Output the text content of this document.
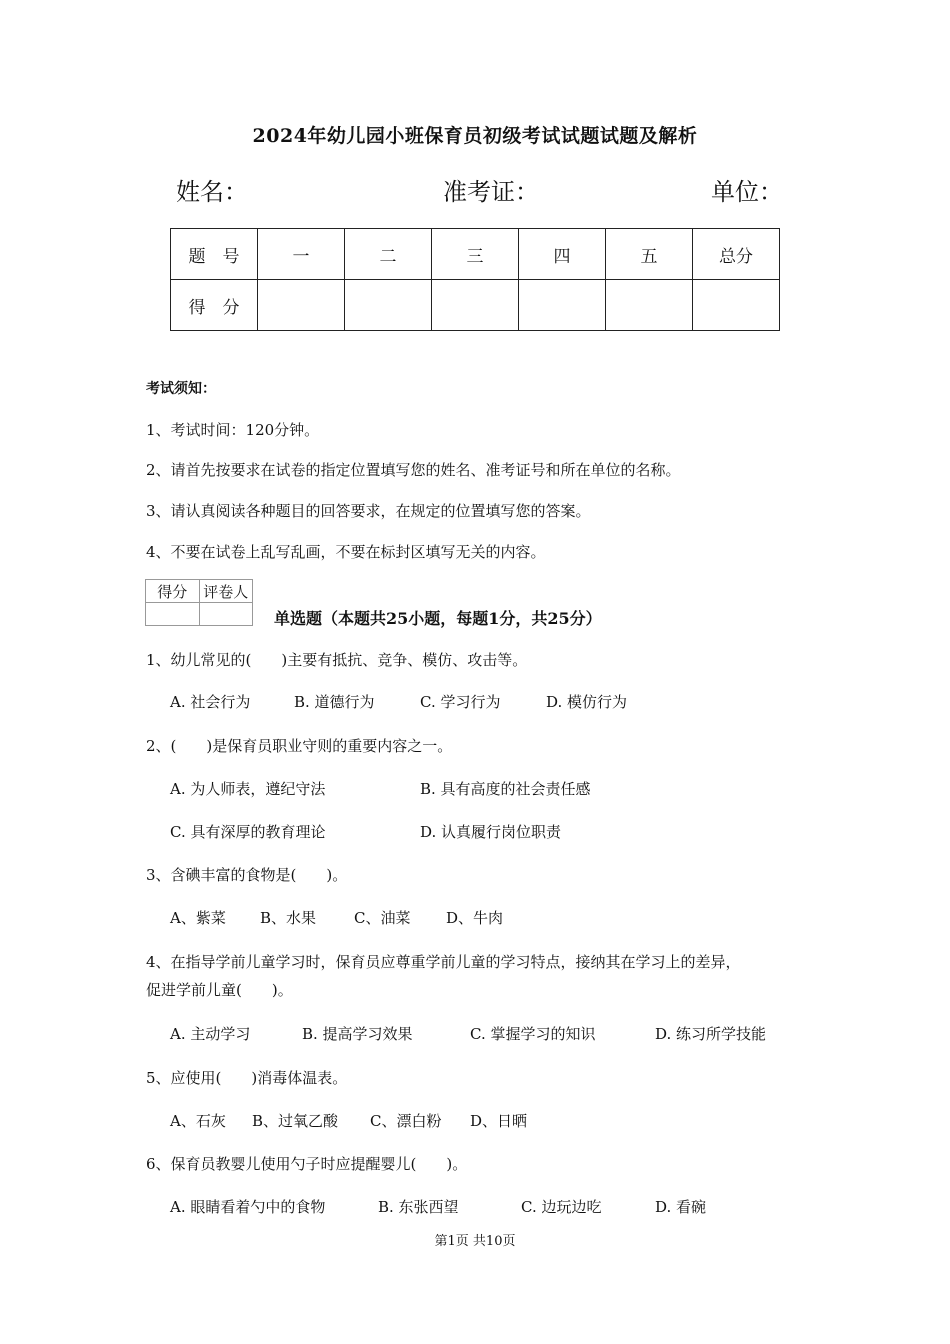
2024年幼儿园小班保育员初级考试试题试题及解析
姓名：	准考证：	单位：
题　号	一	二	三	四	五	总分
得　分						
考试须知：
1、考试时间：120分钟。
2、请首先按要求在试卷的指定位置填写您的姓名、准考证号和所在单位的名称。
3、请认真阅读各种题目的回答要求，在规定的位置填写您的答案。
4、不要在试卷上乱写乱画，不要在标封区填写无关的内容。
得分	评卷人

单选题（本题共25小题，每题1分，共25分）
1、幼儿常见的(　　)主要有抵抗、竞争、模仿、攻击等。
A. 社会行为	B. 道德行为	C. 学习行为	D. 模仿行为
2、(　　)是保育员职业守则的重要内容之一。
A. 为人师表，遵纪守法	B. 具有高度的社会责任感
C. 具有深厚的教育理论	D. 认真履行岗位职责
3、含碘丰富的食物是(　　)。
A、紫菜 B、水果	C、油菜 D、牛肉
4、在指导学前儿童学习时，保育员应尊重学前儿童的学习特点，接纳其在学习上的差异，
促进学前儿童(　　)。
A. 主动学习	B. 提高学习效果	C. 掌握学习的知识	D. 练习所学技能
5、应使用(　　)消毒体温表。
A、石灰 B、过氧乙酸 C、漂白粉 D、日晒
6、保育员教婴儿使用勺子时应提醒婴儿(　　)。
A. 眼睛看着勺中的食物	B. 东张西望	C. 边玩边吃	D. 看碗
第1页 共10页
